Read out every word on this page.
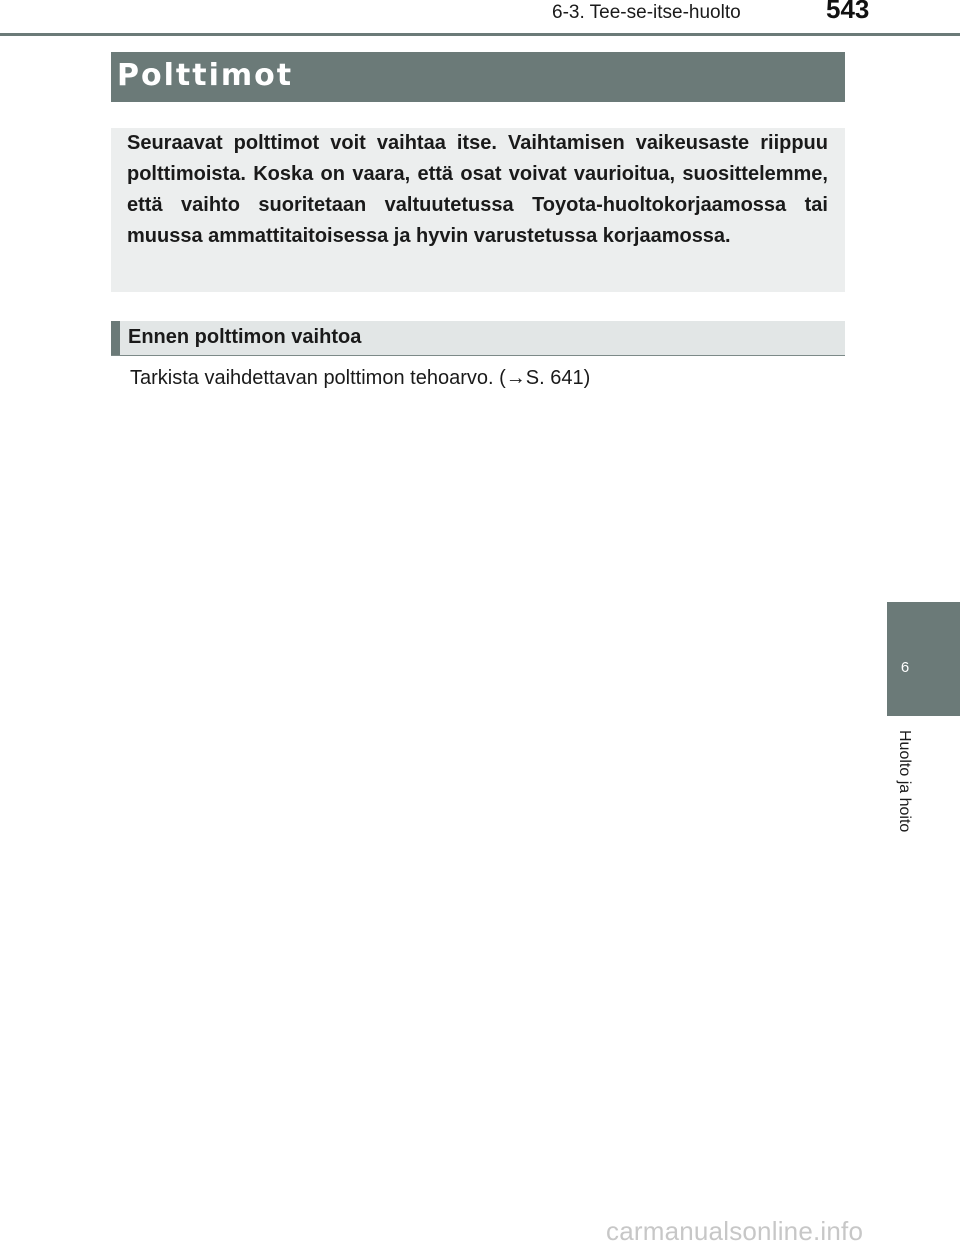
6-3. Tee-se-itse-huolto	543
Polttimot
Seuraavat polttimot voit vaihtaa itse. Vaihtamisen vaikeusaste riippuu polttimoista. Koska on vaara, että osat voivat vaurioitua, suosittelemme, että vaihto suoritetaan valtuutetussa Toyota-huoltokorjaamossa tai muussa ammattitaitoisessa ja hyvin varustetussa korjaamossa.
Ennen polttimon vaihtoa
Tarkista vaihdettavan polttimon tehoarvo. (→S. 641)
6
Huolto ja hoito
carmanualsonline.info
